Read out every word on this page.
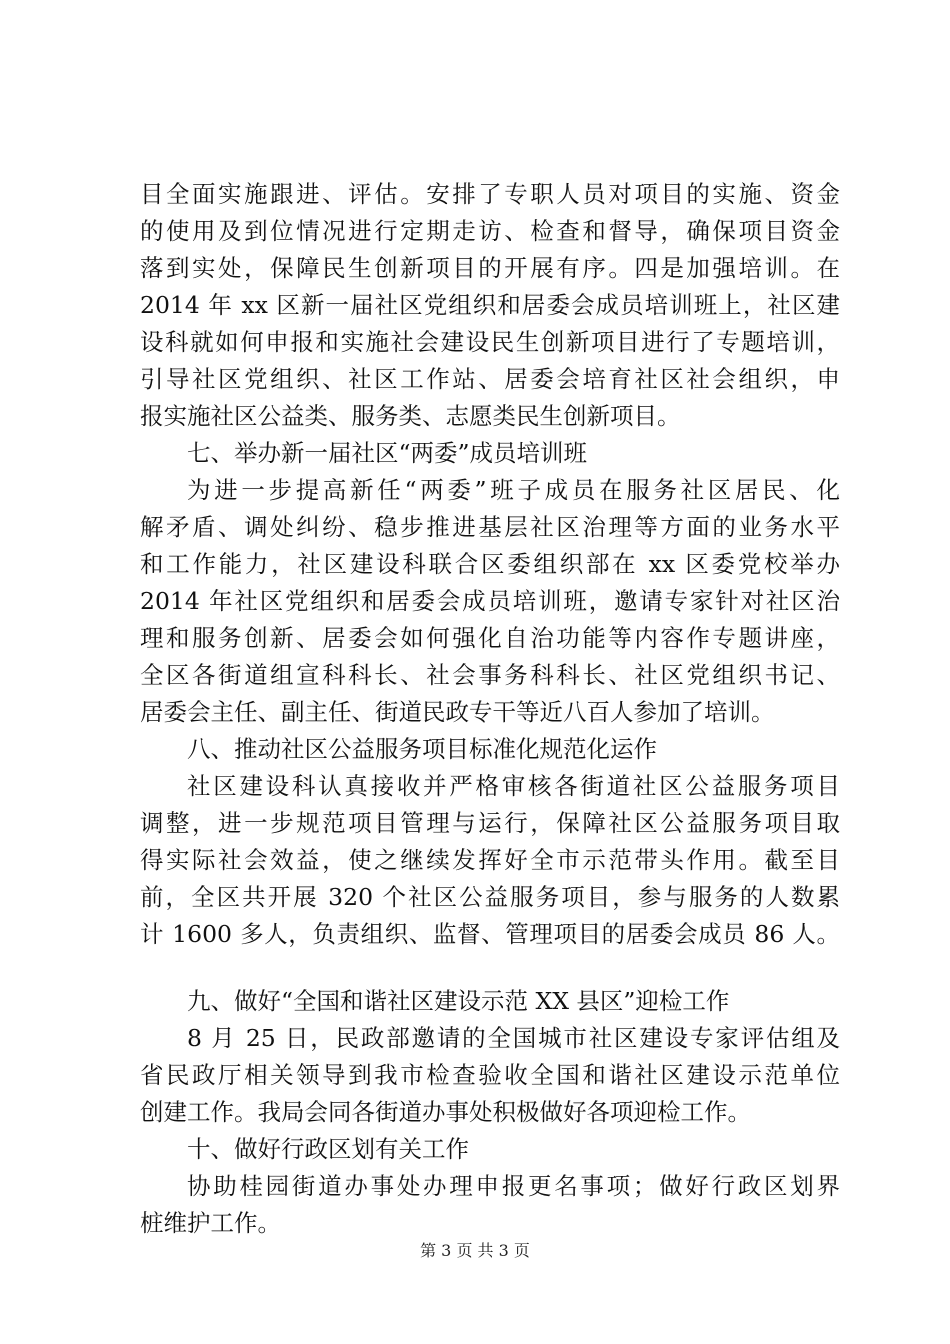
目全面实施跟进、评估。安排了专职人员对项目的实施、资金
的使用及到位情况进行定期走访、检查和督导，确保项目资金
落到实处，保障民生创新项目的开展有序。四是加强培训。在
2014 年 xx 区新一届社区党组织和居委会成员培训班上，社区建
设科就如何申报和实施社会建设民生创新项目进行了专题培训，
引导社区党组织、社区工作站、居委会培育社区社会组织，申
报实施社区公益类、服务类、志愿类民生创新项目。
七、举办新一届社区“两委”成员培训班
为进一步提高新任“两委”班子成员在服务社区居民、化
解矛盾、调处纠纷、稳步推进基层社区治理等方面的业务水平
和工作能力，社区建设科联合区委组织部在 xx 区委党校举办
2014 年社区党组织和居委会成员培训班，邀请专家针对社区治
理和服务创新、居委会如何强化自治功能等内容作专题讲座，
全区各街道组宣科科长、社会事务科科长、社区党组织书记、
居委会主任、副主任、街道民政专干等近八百人参加了培训。
八、推动社区公益服务项目标准化规范化运作
社区建设科认真接收并严格审核各街道社区公益服务项目
调整，进一步规范项目管理与运行，保障社区公益服务项目取
得实际社会效益，使之继续发挥好全市示范带头作用。截至目
前，全区共开展 320 个社区公益服务项目，参与服务的人数累
计 1600 多人，负责组织、监督、管理项目的居委会成员 86 人。
九、做好“全国和谐社区建设示范 XX 县区”迎检工作
8 月 25 日，民政部邀请的全国城市社区建设专家评估组及
省民政厅相关领导到我市检查验收全国和谐社区建设示范单位
创建工作。我局会同各街道办事处积极做好各项迎检工作。
十、做好行政区划有关工作
协助桂园街道办事处办理申报更名事项；做好行政区划界
桩维护工作。
第 3 页 共 3 页
